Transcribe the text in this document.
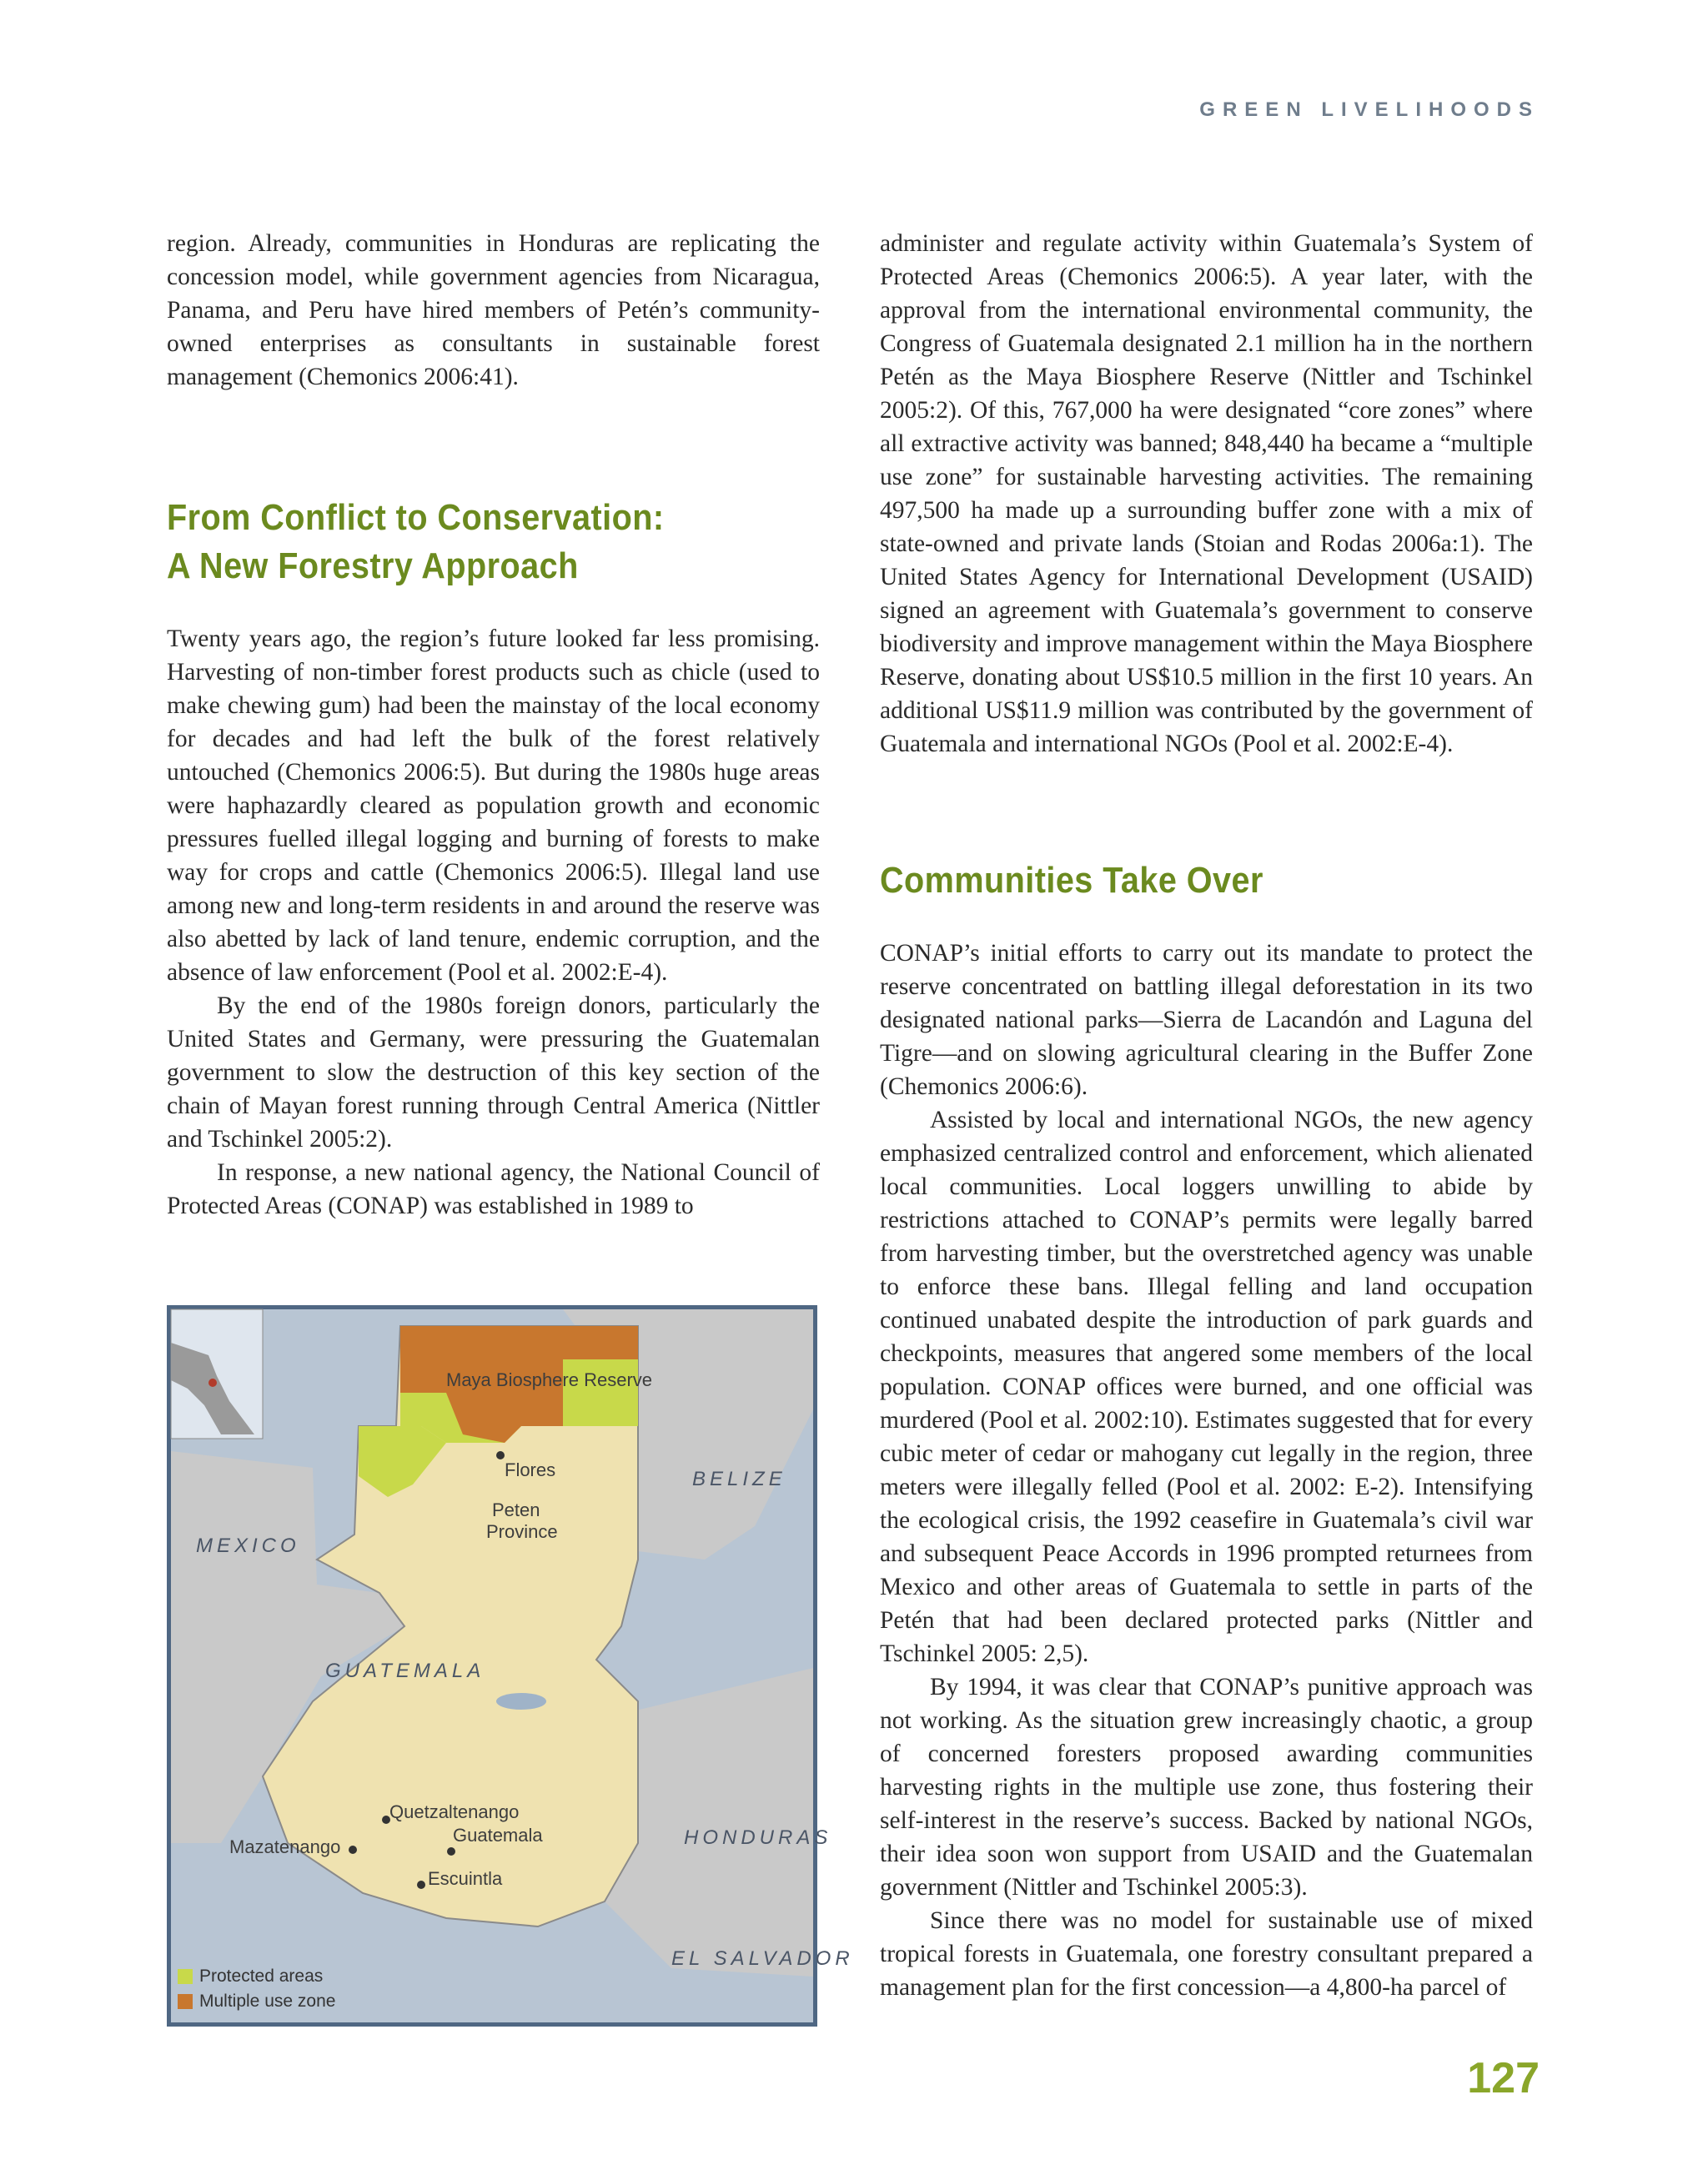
GREEN LIVELIHOODS

region. Already, communities in Honduras are replicating the concession model, while government agencies from Nicaragua, Panama, and Peru have hired members of Petén’s community-owned enterprises as consultants in sustainable forest management (Chemonics 2006:41).

From Conflict to Conservation:
A New Forestry Approach

Twenty years ago, the region’s future looked far less promising. Harvesting of non-timber forest products such as chicle (used to make chewing gum) had been the mainstay of the local economy for decades and had left the bulk of the forest relatively untouched (Chemonics 2006:5). But during the 1980s huge areas were haphazardly cleared as population growth and economic pressures fuelled illegal logging and burning of forests to make way for crops and cattle (Chemonics 2006:5). Illegal land use among new and long-term residents in and around the reserve was also abetted by lack of land tenure, endemic corruption, and the absence of law enforcement (Pool et al. 2002:E-4).

By the end of the 1980s foreign donors, particularly the United States and Germany, were pressuring the Guatemalan government to slow the destruction of this key section of the chain of Mayan forest running through Central America (Nittler and Tschinkel 2005:2).

In response, a new national agency, the National Council of Protected Areas (CONAP) was established in 1989 to

Maya Biosphere Reserve
Flores
Peten
Province
BELIZE
MEXICO
GUATEMALA
Quetzaltenango
Mazatenango
Guatemala
Escuintla
HONDURAS
EL SALVADOR
Protected areas
Multiple use zone

administer and regulate activity within Guatemala’s System of Protected Areas (Chemonics 2006:5). A year later, with the approval from the international environmental community, the Congress of Guatemala designated 2.1 million ha in the northern Petén as the Maya Biosphere Reserve (Nittler and Tschinkel 2005:2). Of this, 767,000 ha were designated “core zones” where all extractive activity was banned; 848,440 ha became a “multiple use zone” for sustainable harvesting activities. The remaining 497,500 ha made up a surrounding buffer zone with a mix of state-owned and private lands (Stoian and Rodas 2006a:1). The United States Agency for International Development (USAID) signed an agreement with Guatemala’s government to conserve biodiversity and improve management within the Maya Biosphere Reserve, donating about US$10.5 million in the first 10 years. An additional US$11.9 million was contributed by the government of Guatemala and international NGOs (Pool et al. 2002:E-4).

Communities Take Over

CONAP’s initial efforts to carry out its mandate to protect the reserve concentrated on battling illegal deforestation in its two designated national parks—Sierra de Lacandón and Laguna del Tigre—and on slowing agricultural clearing in the Buffer Zone (Chemonics 2006:6).

Assisted by local and international NGOs, the new agency emphasized centralized control and enforcement, which alienated local communities. Local loggers unwilling to abide by restrictions attached to CONAP’s permits were legally barred from harvesting timber, but the overstretched agency was unable to enforce these bans. Illegal felling and land occupation continued unabated despite the introduction of park guards and checkpoints, measures that angered some members of the local population. CONAP offices were burned, and one official was murdered (Pool et al. 2002:10). Estimates suggested that for every cubic meter of cedar or mahogany cut legally in the region, three meters were illegally felled (Pool et al. 2002: E-2). Intensifying the ecological crisis, the 1992 ceasefire in Guatemala’s civil war and subsequent Peace Accords in 1996 prompted returnees from Mexico and other areas of Guatemala to settle in parts of the Petén that had been declared protected parks (Nittler and Tschinkel 2005: 2,5).

By 1994, it was clear that CONAP’s punitive approach was not working. As the situation grew increasingly chaotic, a group of concerned foresters proposed awarding communities harvesting rights in the multiple use zone, thus fostering their self-interest in the reserve’s success. Backed by national NGOs, their idea soon won support from USAID and the Guatemalan government (Nittler and Tschinkel 2005:3).

Since there was no model for sustainable use of mixed tropical forests in Guatemala, one forestry consultant prepared a management plan for the first concession—a 4,800-ha parcel of

127
